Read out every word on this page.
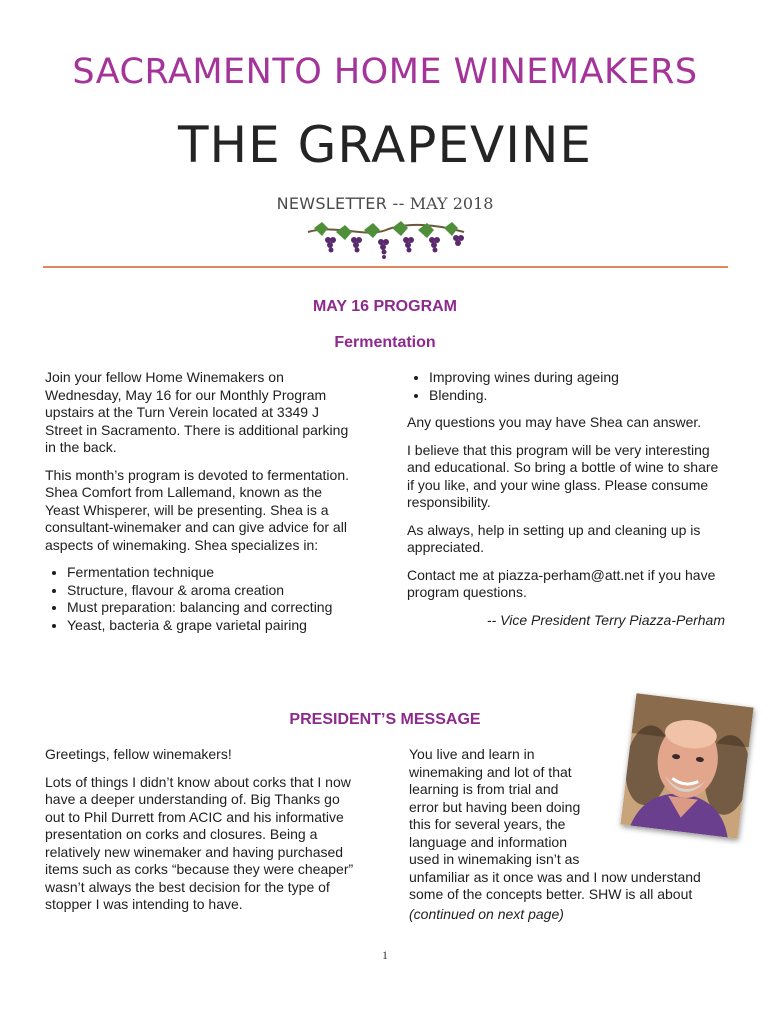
SACRAMENTO HOME WINEMAKERS
THE GRAPEVINE
NEWSLETTER -- MAY 2018
MAY 16 PROGRAM
Fermentation

Join your fellow Home Winemakers on Wednesday, May 16 for our Monthly Program upstairs at the Turn Verein located at 3349 J Street in Sacramento. There is additional parking in the back.

This month’s program is devoted to fermentation. Shea Comfort from Lallemand, known as the Yeast Whisperer, will be presenting. Shea is a consultant-winemaker and can give advice for all aspects of winemaking. Shea specializes in:

• Fermentation technique
• Structure, flavour & aroma creation
• Must preparation: balancing and correcting
• Yeast, bacteria & grape varietal pairing
• Improving wines during ageing
• Blending.

Any questions you may have Shea can answer.

I believe that this program will be very interesting and educational. So bring a bottle of wine to share if you like, and your wine glass. Please consume responsibility.

As always, help in setting up and cleaning up is appreciated.

Contact me at piazza-perham@att.net if you have program questions.

-- Vice President Terry Piazza-Perham

PRESIDENT’S MESSAGE

Greetings, fellow winemakers!

Lots of things I didn’t know about corks that I now have a deeper understanding of. Big Thanks go out to Phil Durrett from ACIC and his informative presentation on corks and closures. Being a relatively new winemaker and having purchased items such as corks “because they were cheaper” wasn’t always the best decision for the type of stopper I was intending to have.

You live and learn in
winemaking and lot of that
learning is from trial and
error but having been doing
this for several years, the
language and information
used in winemaking isn’t as
unfamiliar as it once was and I now understand
some of the concepts better. SHW is all about
(continued on next page)
1
